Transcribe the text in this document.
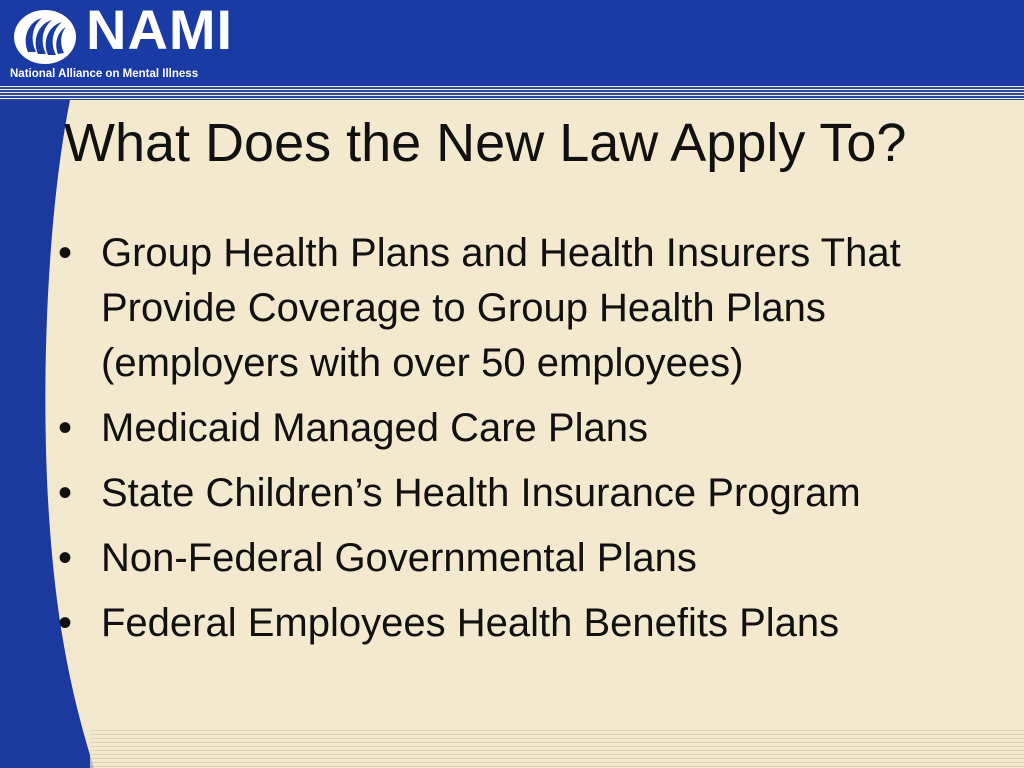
NAMI
National Alliance on Mental Illness
What Does the New Law Apply To?
• Group Health Plans and Health Insurers That Provide Coverage to Group Health Plans (employers with over 50 employees)
• Medicaid Managed Care Plans
• State Children’s Health Insurance Program
• Non-Federal Governmental Plans
• Federal Employees Health Benefits Plans
